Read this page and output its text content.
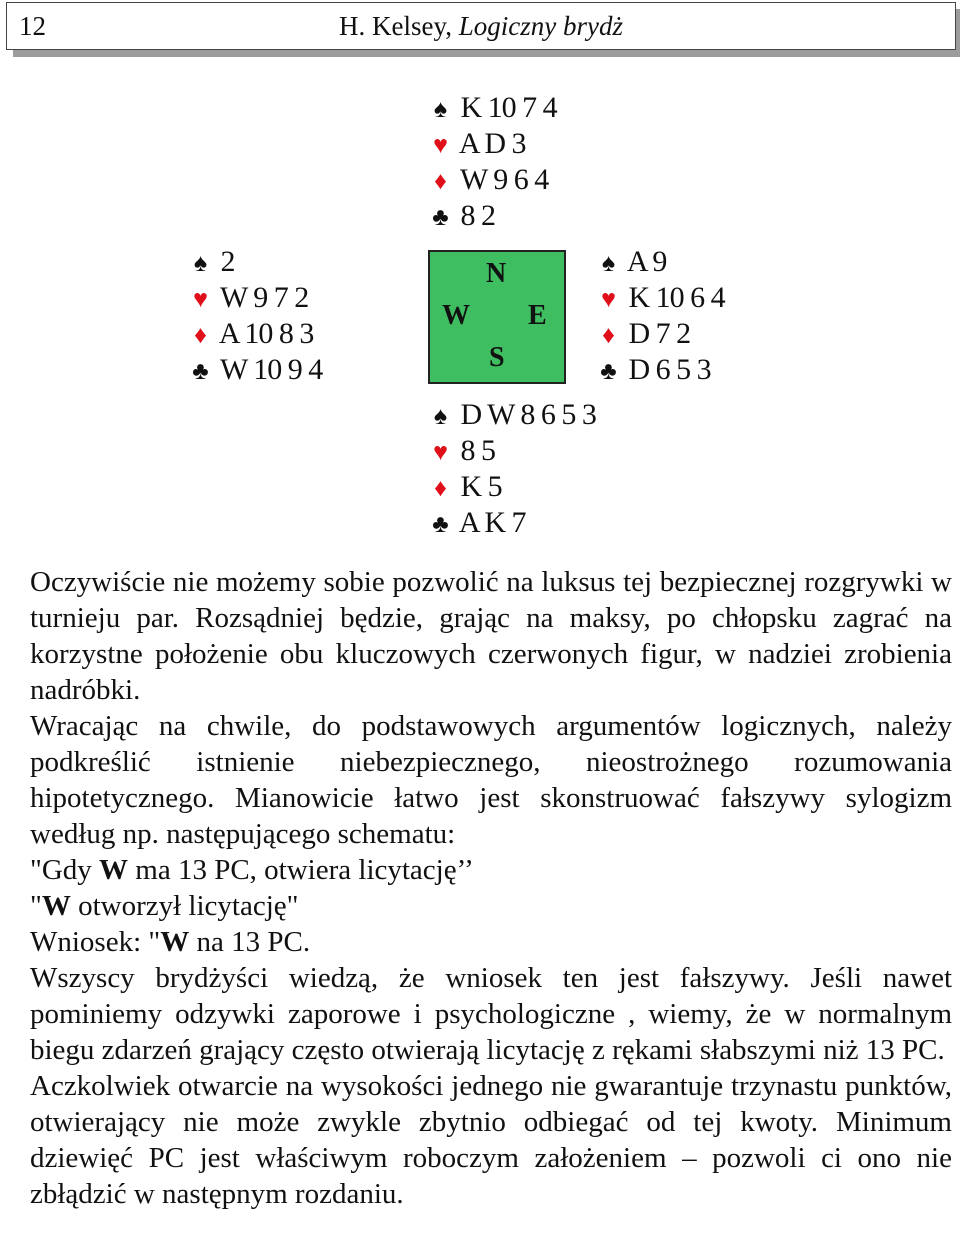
12	H. Kelsey, Logiczny brydż
♠ K 10 7 4
♥ A D 3
♦ W 9 6 4
♣ 8 2
♠ 2
♥ W 9 7 2
♦ A 10 8 3
♣ W 10 9 4
N
W E
S
♠ A 9
♥ K 10 6 4
♦ D 7 2
♣ D 6 5 3
♠ D W 8 6 5 3
♥ 8 5
♦ K 5
♣ A K 7

Oczywiście nie możemy sobie pozwolić na luksus tej bezpiecznej rozgrywki w turnieju par. Rozsądniej będzie, grając na maksy, po chłopsku zagrać na korzystne położenie obu kluczowych czerwonych figur, w nadziei zrobienia nadróbki.

Wracając na chwile, do podstawowych argumentów logicznych, należy podkreślić istnienie niebezpiecznego, nieostrożnego rozumowania hipotetycznego. Mianowicie łatwo jest skonstruować fałszywy sylogizm według np. następującego schematu:

"Gdy W ma 13 PC, otwiera licytację’’

"W otworzył licytację"

Wniosek: "W na 13 PC.

Wszyscy brydżyści wiedzą, że wniosek ten jest fałszywy. Jeśli nawet pominiemy odzywki zaporowe i psychologiczne , wiemy, że w normalnym biegu zdarzeń grający często otwierają licytację z rękami słabszymi niż 13 PC.

Aczkolwiek otwarcie na wysokości jednego nie gwarantuje trzynastu punktów, otwierający nie może zwykle zbytnio odbiegać od tej kwoty. Minimum dziewięć PC jest właściwym roboczym założeniem – pozwoli ci ono nie zbłądzić w następnym rozdaniu.
